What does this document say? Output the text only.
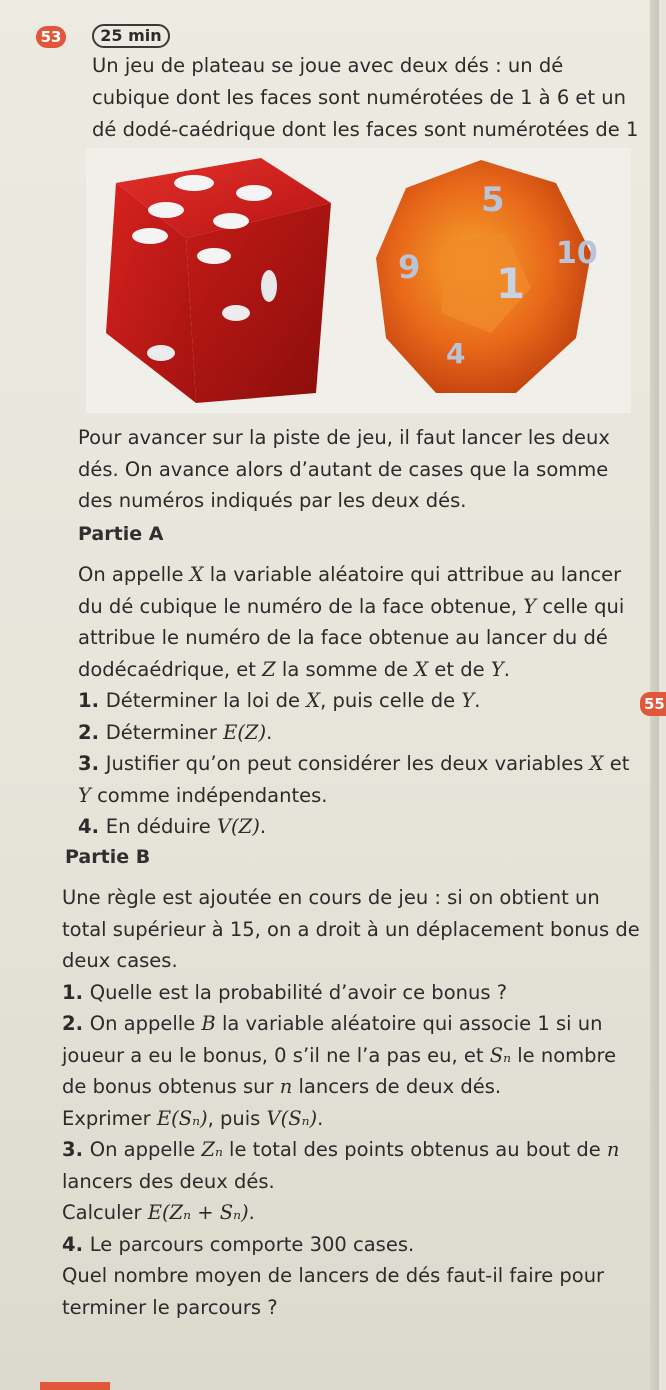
53	25 min
Un jeu de plateau se joue avec deux dés : un dé cubique dont les faces sont numérotées de 1 à 6 et un dé dodé-caédrique dont les faces sont numérotées de 1
5
10
9 1
4
Pour avancer sur la piste de jeu, il faut lancer les deux dés. On avance alors d’autant de cases que la somme des numéros indiqués par les deux dés.
Partie A

On appelle X la variable aléatoire qui attribue au lancer du dé cubique le numéro de la face obtenue, Y celle qui attribue le numéro de la face obtenue au lancer du dé dodécaédrique, et Z la somme de X et de Y.

1. Déterminer la loi de X, puis celle de Y.

2. Déterminer E(Z).

3. Justifier qu’on peut considérer les deux variables X et Y comme indépendantes.

4. En déduire V(Z).

55
Partie B

Une règle est ajoutée en cours de jeu : si on obtient un total supérieur à 15, on a droit à un déplacement bonus de deux cases.

1. Quelle est la probabilité d’avoir ce bonus ?

2. On appelle B la variable aléatoire qui associe 1 si un joueur a eu le bonus, 0 s’il ne l’a pas eu, et Sₙ le nombre de bonus obtenus sur n lancers de deux dés.

Exprimer E(Sₙ), puis V(Sₙ).

3. On appelle Zₙ le total des points obtenus au bout de n lancers des deux dés.

Calculer E(Zₙ + Sₙ).

4. Le parcours comporte 300 cases.

Quel nombre moyen de lancers de dés faut-il faire pour terminer le parcours ?
